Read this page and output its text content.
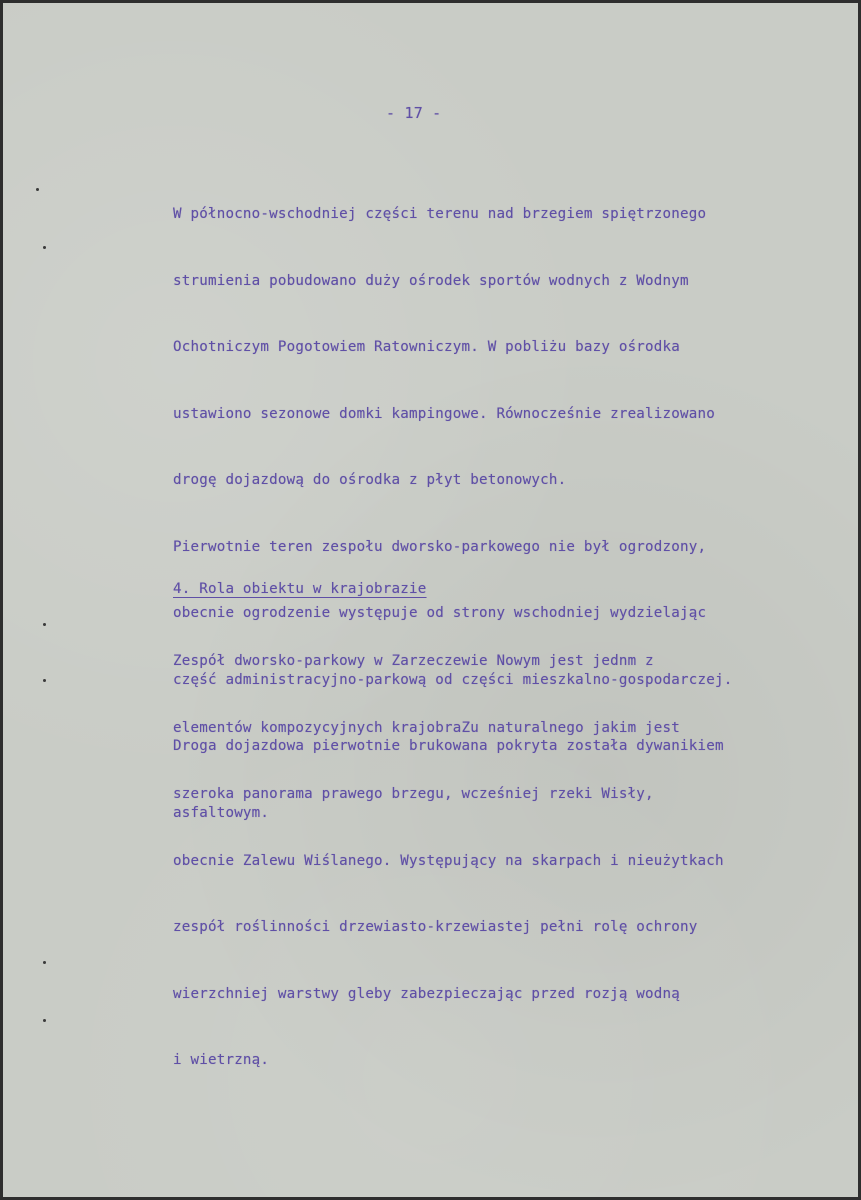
- 17 -

W północno-wschodniej części terenu nad brzegiem spiętrzonego

strumienia pobudowano duży ośrodek sportów wodnych z Wodnym

Ochotniczym Pogotowiem Ratowniczym. W pobliżu bazy ośrodka

ustawiono sezonowe domki kampingowe. Równocześnie zrealizowano

drogę dojazdową do ośrodka z płyt betonowych.

Pierwotnie teren zespołu dworsko-parkowego nie był ogrodzony,

obecnie ogrodzenie występuje od strony wschodniej wydzielając

część administracyjno-parkową od części mieszkalno-gospodarczej.

Droga dojazdowa pierwotnie brukowana pokryta została dywanikiem

asfaltowym.

4. Rola obiektu w krajobrazie

Zespół dworsko-parkowy w Zarzeczewie Nowym jest jednm z

elementów kompozycyjnych krajobraZu naturalnego jakim jest

szeroka panorama prawego brzegu, wcześniej rzeki Wisły,

obecnie Zalewu Wiślanego. Występujący na skarpach i nieużytkach

zespół roślinności drzewiasto-krzewiastej pełni rolę ochrony

wierzchniej warstwy gleby zabezpieczając przed rozją wodną

i wietrzną.
